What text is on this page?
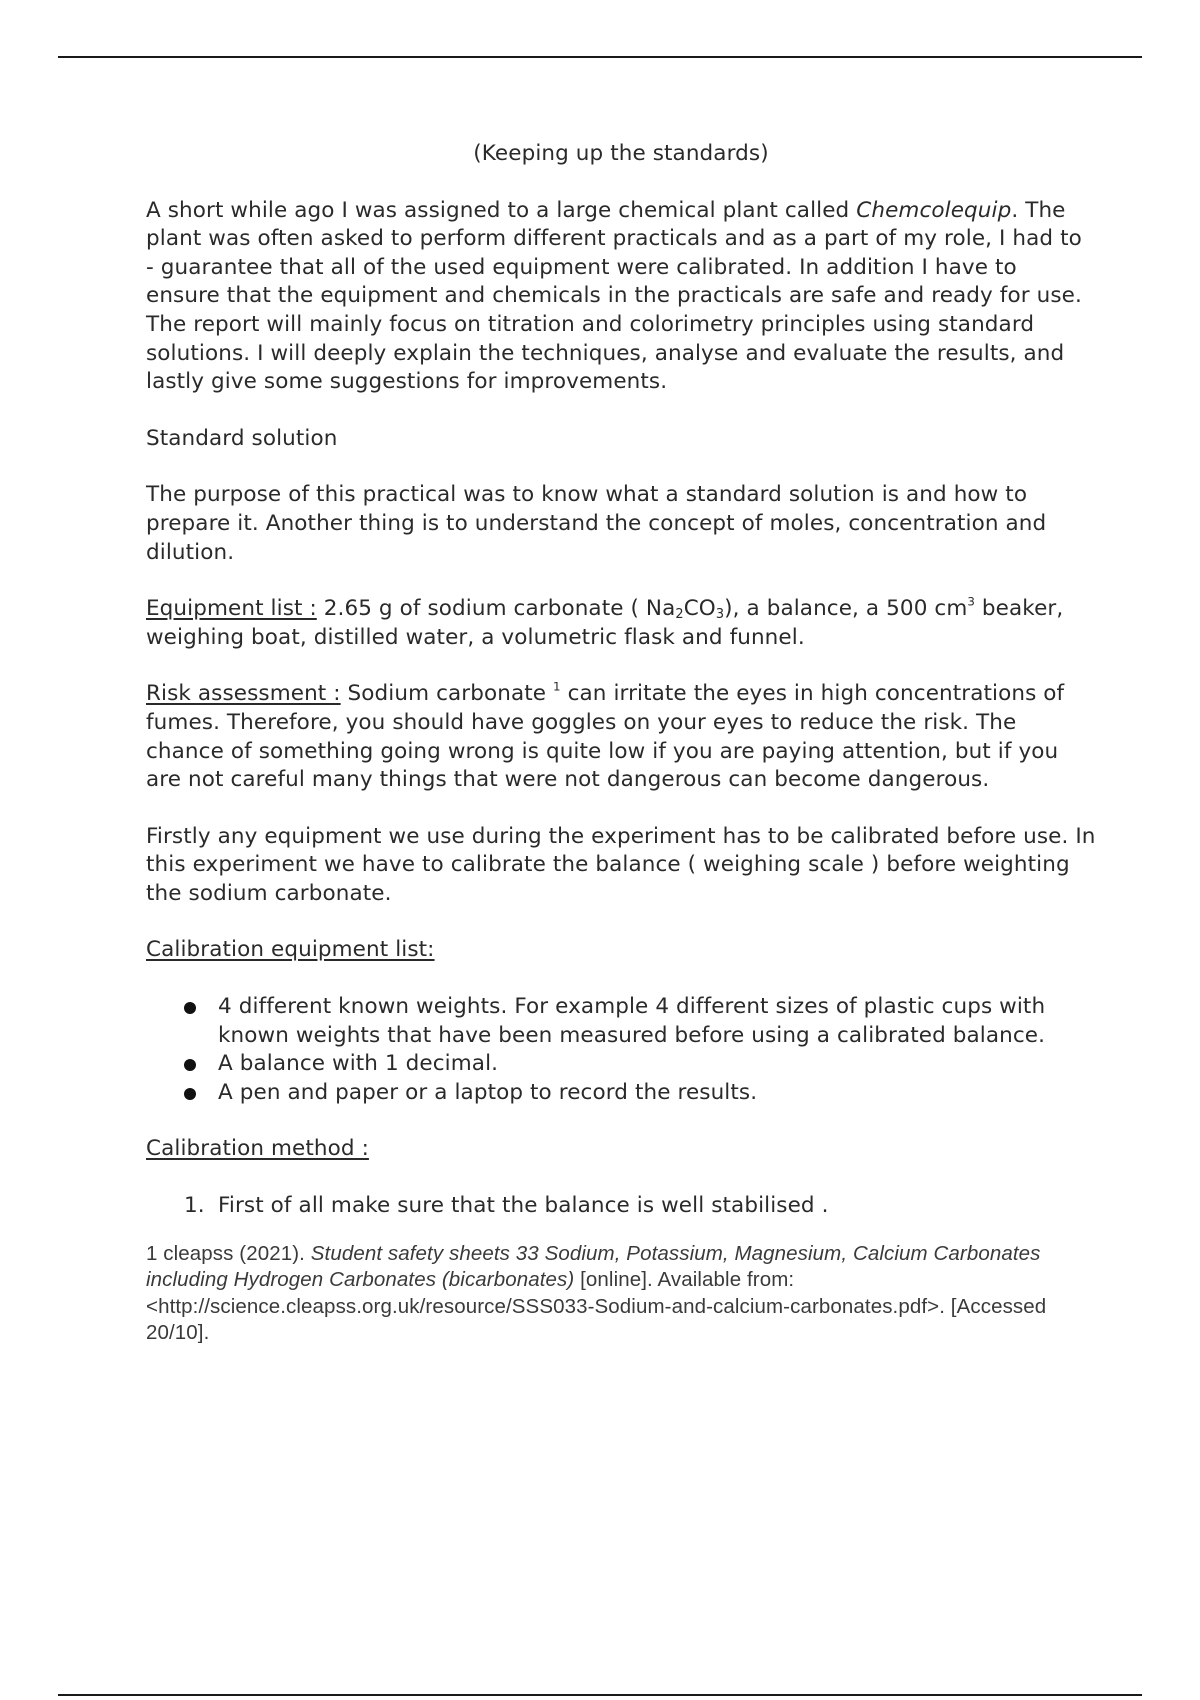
(Keeping up the standards)

A short while ago I was assigned to a large chemical plant called Chemcolequip. The plant was often asked to perform different practicals and as a part of my role, I had to - guarantee that all of the used equipment were calibrated. In addition I have to ensure that the equipment and chemicals in the practicals are safe and ready for use. The report will mainly focus on titration and colorimetry principles using standard solutions. I will deeply explain the techniques, analyse and evaluate the results, and lastly give some suggestions for improvements.

Standard solution

The purpose of this practical was to know what a standard solution is and how to prepare it. Another thing is to understand the concept of moles, concentration and dilution.

Equipment list : 2.65 g of sodium carbonate ( $Na_2CO_3$), a balance, a 500 $cm^3$ beaker, weighing boat, distilled water, a volumetric flask and funnel.

Risk assessment : Sodium carbonate $^1$ can irritate the eyes in high concentrations of fumes. Therefore, you should have goggles on your eyes to reduce the risk. The chance of something going wrong is quite low if you are paying attention, but if you are not careful many things that were not dangerous can become dangerous.

Firstly any equipment we use during the experiment has to be calibrated before use. In this experiment we have to calibrate the balance ( weighing scale ) before weighting the sodium carbonate.

Calibration equipment list:

4 different known weights. For example 4 different sizes of plastic cups with known weights that have been measured before using a calibrated balance.
A balance with 1 decimal.
A pen and paper or a laptop to record the results.

Calibration method :

1. First of all make sure that the balance is well stabilised .

1 cleapss (2021). Student safety sheets 33 Sodium, Potassium, Magnesium, Calcium Carbonates including Hydrogen Carbonates (bicarbonates) [online]. Available from: <http://science.cleapss.org.uk/resource/SSS033-Sodium-and-calcium-carbonates.pdf>. [Accessed 20/10].
